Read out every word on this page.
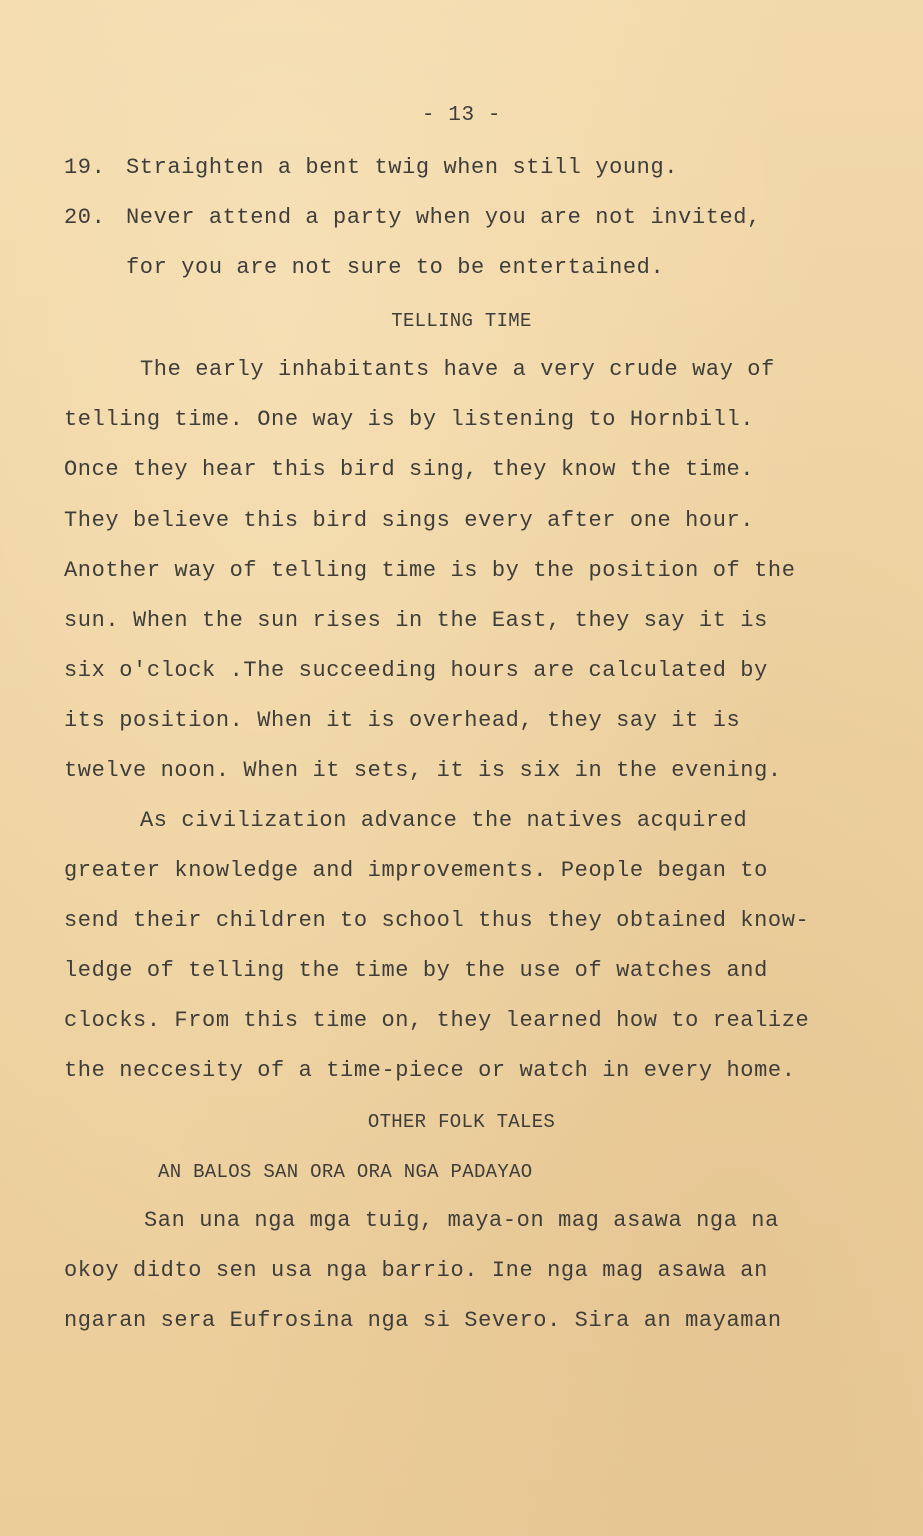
- 13 -
19. Straighten a bent twig when still young.
20. Never attend a party when you are not invited,
for you are not sure to be entertained.
TELLING TIME
The early inhabitants have a very crude way of
telling time. One way is by listening to Hornbill.
Once they hear this bird sing, they know the time.
They believe this bird sings every after one hour.
Another way of telling time is by the position of the
sun. When the sun rises in the East, they say it is
six o'clock .The succeeding hours are calculated by
its position. When it is overhead, they say it is
twelve noon. When it sets, it is six in the evening.
As civilization advance the natives acquired
greater knowledge and improvements. People began to
send their children to school thus they obtained know-
ledge of telling the time by the use of watches and
clocks. From this time on, they learned how to realize
the neccesity of a time-piece or watch in every home.
OTHER FOLK TALES
AN BALOS SAN ORA ORA NGA PADAYAO
San una nga mga tuig, maya-on mag asawa nga na
okoy didto sen usa nga barrio. Ine nga mag asawa an
ngaran sera Eufrosina nga si Severo. Sira an mayaman
